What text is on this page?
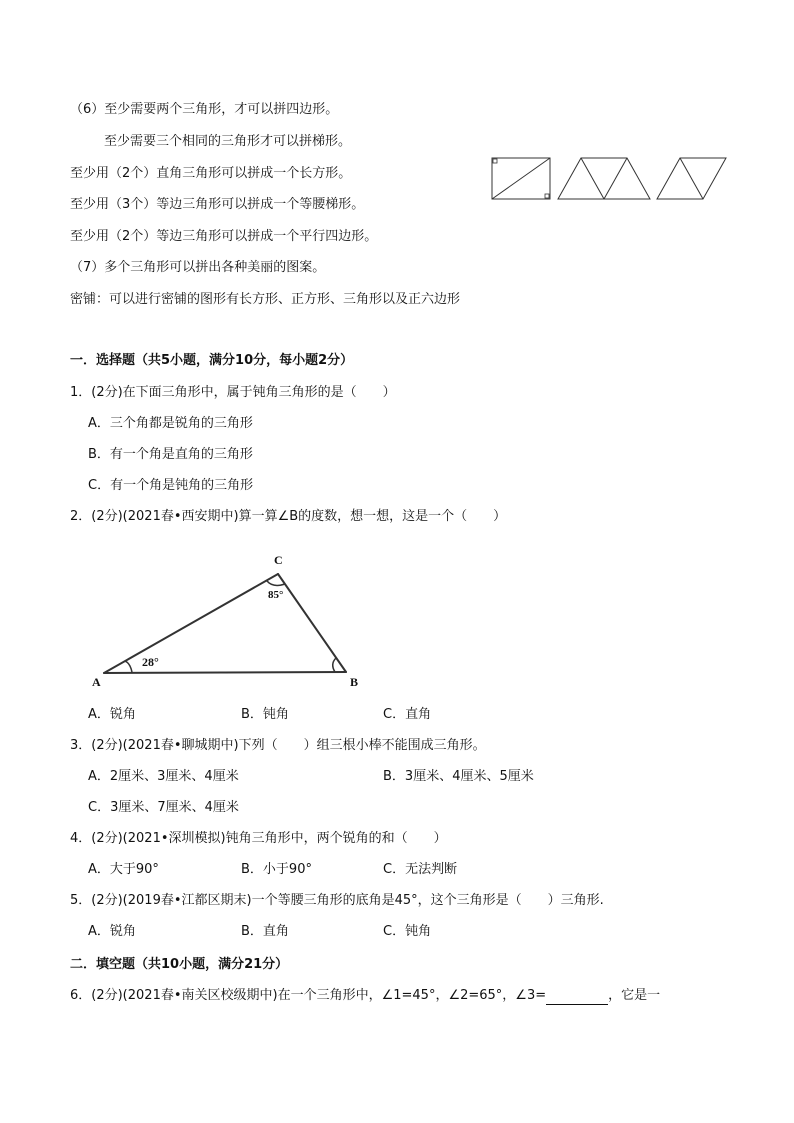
（6）至少需要两个三角形，才可以拼四边形。
至少需要三个相同的三角形才可以拼梯形。
至少用（2个）直角三角形可以拼成一个长方形。
至少用（3个）等边三角形可以拼成一个等腰梯形。
至少用（2个）等边三角形可以拼成一个平行四边形。
（7）多个三角形可以拼出各种美丽的图案。
密铺：可以进行密铺的图形有长方形、正方形、三角形以及正六边形
一．选择题（共5小题，满分10分，每小题2分）
1．(2分)在下面三角形中，属于钝角三角形的是（　　）
A．三个角都是锐角的三角形
B．有一个角是直角的三角形
C．有一个角是钝角的三角形
2．(2分)(2021春•西安期中)算一算∠B的度数，想一想，这是一个（　　）
C
A	B
28°
85°
A．锐角	B．钝角	C．直角
3．(2分)(2021春•聊城期中)下列（　　）组三根小棒不能围成三角形。
A．2厘米、3厘米、4厘米	B．3厘米、4厘米、5厘米
C．3厘米、7厘米、4厘米
4．(2分)(2021•深圳模拟)钝角三角形中，两个锐角的和（　　）
A．大于90°	B．小于90°	C．无法判断
5．(2分)(2019春•江都区期末)一个等腰三角形的底角是45°，这个三角形是（　　）三角形.
A．锐角	B．直角	C．钝角
二．填空题（共10小题，满分21分）
6．(2分)(2021春•南关区校级期中)在一个三角形中，∠1=45°，∠2=65°，∠3=	，它是一
